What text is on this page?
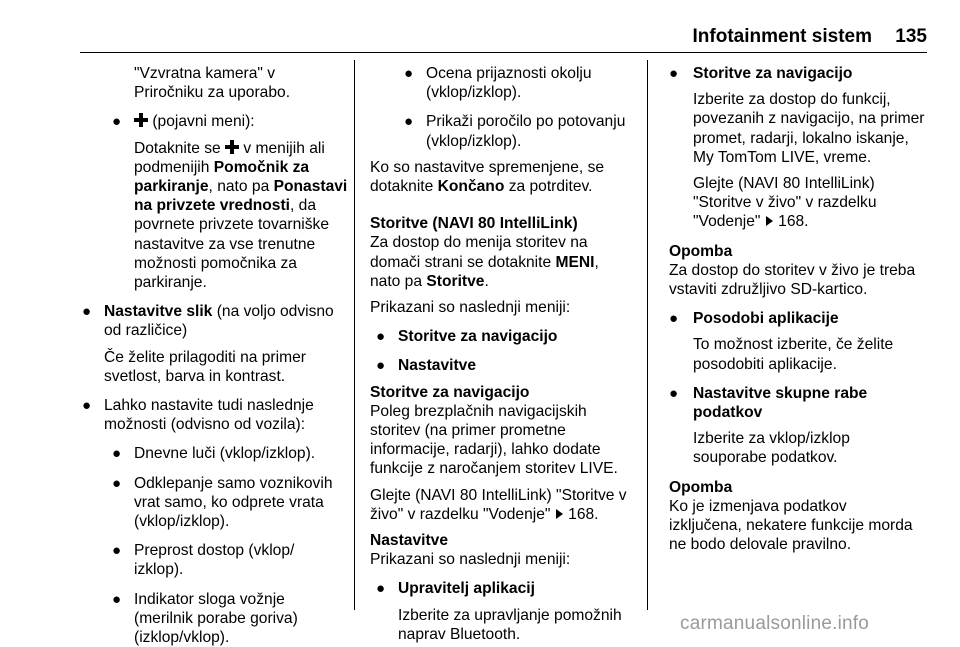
Infotainment sistem 135

"Vzvratna kamera" v

Priročniku za uporabo.

●	(pojavni meni):

Dotaknite se v menijih ali

podmenijih Pomočnik za

parkiranje, nato pa Ponastavi

na privzete vrednosti, da

povrnete privzete tovarniške

nastavitve za vse trenutne

možnosti pomočnika za

parkiranje.

● Nastavitve slik (na voljo odvisno

od različice)

Če želite prilagoditi na primer

svetlost, barva in kontrast.

● Lahko nastavite tudi naslednje

možnosti (odvisno od vozila):

● Dnevne luči (vklop/izklop).

● Odklepanje samo voznikovih

vrat samo, ko odprete vrata

(vklop/izklop).

● Preprost dostop (vklop/

izklop).

● Indikator sloga vožnje

(merilnik porabe goriva)

(izklop/vklop).

● Ocena prijaznosti okolju

(vklop/izklop).

● Prikaži poročilo po potovanju

(vklop/izklop).

Ko so nastavitve spremenjene, se

dotaknite Končano za potrditev.

Storitve (NAVI 80 IntelliLink)

Za dostop do menija storitev na

domači strani se dotaknite MENI,

nato pa Storitve.

Prikazani so naslednji meniji:

● Storitve za navigacijo

● Nastavitve

Storitve za navigacijo

Poleg brezplačnih navigacijskih

storitev (na primer prometne

informacije, radarji), lahko dodate

funkcije z naročanjem storitev LIVE.

Glejte (NAVI 80 IntelliLink) "Storitve v

živo" v razdelku "Vodenje" 168.

Nastavitve

Prikazani so naslednji meniji:

● Upravitelj aplikacij

Izberite za upravljanje pomožnih

naprav Bluetooth.

● Storitve za navigacijo

Izberite za dostop do funkcij,

povezanih z navigacijo, na primer

promet, radarji, lokalno iskanje,

My TomTom LIVE, vreme.

Glejte (NAVI 80 IntelliLink)

"Storitve v živo" v razdelku

"Vodenje" 168.

Opomba

Za dostop do storitev v živo je treba

vstaviti združljivo SD-kartico.

● Posodobi aplikacije

To možnost izberite, če želite

posodobiti aplikacije.

● Nastavitve skupne rabe

podatkov

Izberite za vklop/izklop

souporabe podatkov.

Opomba

Ko je izmenjava podatkov

izključena, nekatere funkcije morda

ne bodo delovale pravilno.

carmanualsonline.info
